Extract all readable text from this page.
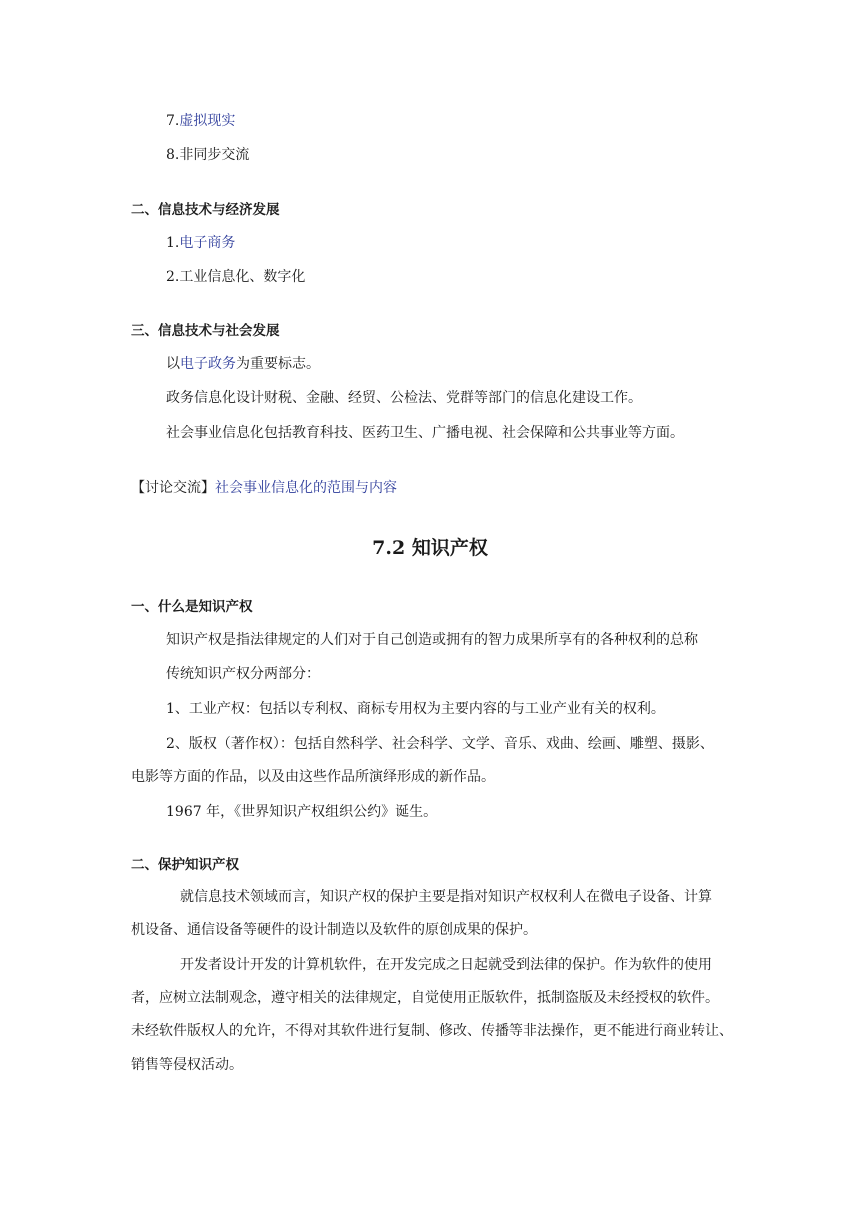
7.虚拟现实
8.非同步交流
二、信息技术与经济发展
1.电子商务
2.工业信息化、数字化
三、信息技术与社会发展
以电子政务为重要标志。
政务信息化设计财税、金融、经贸、公检法、党群等部门的信息化建设工作。
社会事业信息化包括教育科技、医药卫生、广播电视、社会保障和公共事业等方面。
【讨论交流】社会事业信息化的范围与内容
7.2 知识产权
一、什么是知识产权
知识产权是指法律规定的人们对于自己创造或拥有的智力成果所享有的各种权利的总称
传统知识产权分两部分：
1、工业产权：包括以专利权、商标专用权为主要内容的与工业产业有关的权利。
2、版权（著作权）：包括自然科学、社会科学、文学、音乐、戏曲、绘画、雕塑、摄影、
电影等方面的作品，以及由这些作品所演绎形成的新作品。
1967 年，《世界知识产权组织公约》诞生。
二、保护知识产权
就信息技术领域而言，知识产权的保护主要是指对知识产权权利人在微电子设备、计算
机设备、通信设备等硬件的设计制造以及软件的原创成果的保护。
开发者设计开发的计算机软件，在开发完成之日起就受到法律的保护。作为软件的使用
者，应树立法制观念，遵守相关的法律规定，自觉使用正版软件，抵制盗版及未经授权的软件。
未经软件版权人的允许，不得对其软件进行复制、修改、传播等非法操作，更不能进行商业转让、
销售等侵权活动。
